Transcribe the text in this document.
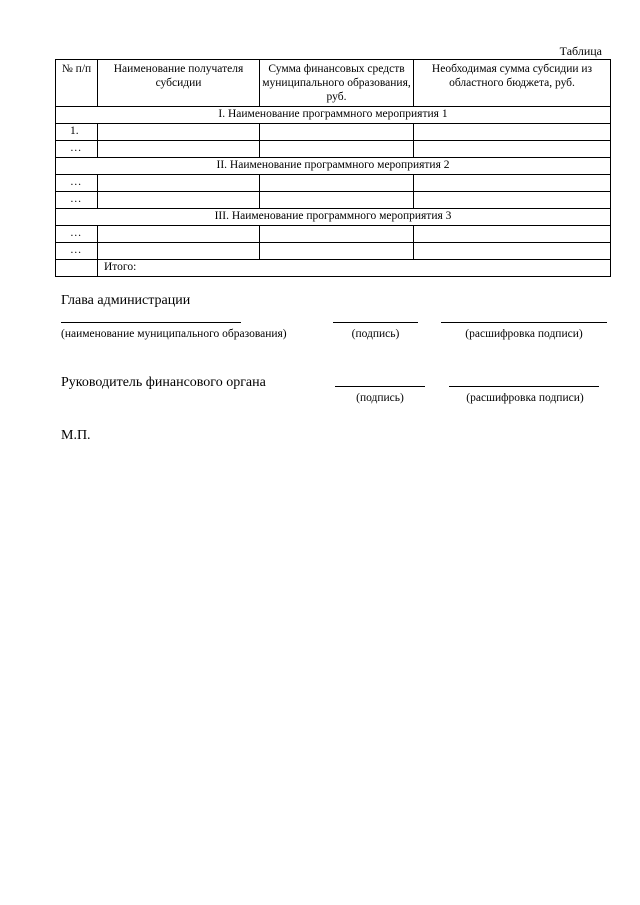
Таблица
№ п/п	Наименование получателя субсидии	Сумма финансовых средств муниципального образования, руб.	Необходимая сумма субсидии из областного бюджета, руб.
I. Наименование программного мероприятия 1			
1.			
…			
II. Наименование программного мероприятия 2			
…			
…			
III. Наименование программного мероприятия 3			
…			
…			
	Итого:		
Глава администрации
(наименование муниципального образования)	(подпись)	(расшифровка подписи)
Руководитель финансового органа
(подпись)	(расшифровка подписи)
М.П.
